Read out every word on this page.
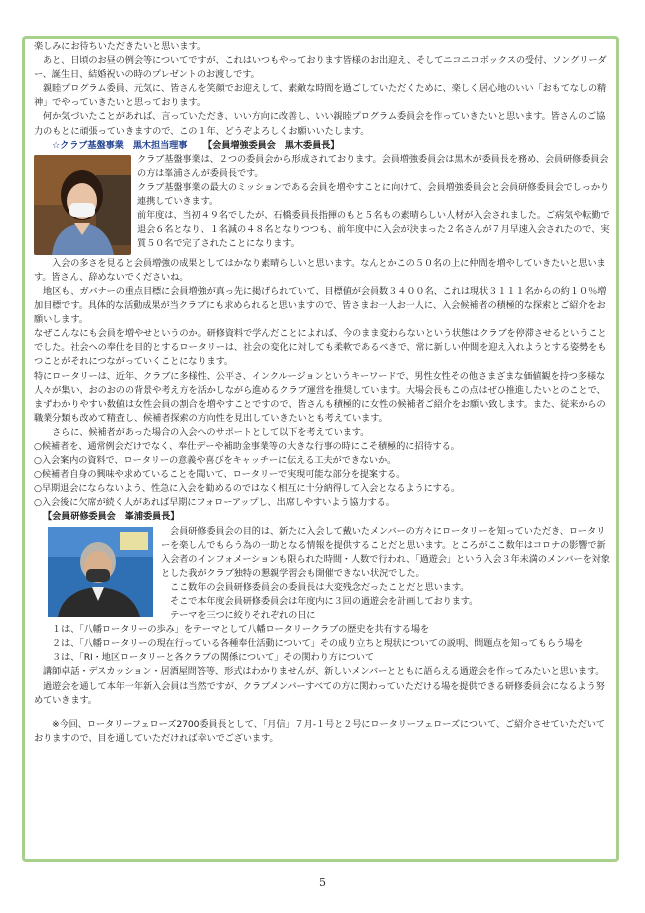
楽しみにお待ちいただきたいと思います。

あと、日頃のお昼の例会等についてですが、これはいつもやっております皆様のお出迎え、そしてニコニコボックスの受付、ソングリーダー、誕生日、結婚祝いの時のプレゼントのお渡しです。

親睦プログラム委員、元気に、皆さんを笑顔でお迎えして、素敵な時間を過ごしていただくために、楽しく居心地のいい「おもてなしの精神」でやっていきたいと思っております。

何か気づいたことがあれば、言っていただき、いい方向に改善し、いい親睦プログラム委員会を作っていきたいと思います。皆さんのご協力のもとに頑張っていきますので、この１年、どうぞよろしくお願いいたします。

☆クラブ基盤事業　黒木担当理事 【会員増強委員会　黒木委員長】

クラブ基盤事業は、２つの委員会から形成されております。会員増強委員会は黒木が委員長を務め、会員研修委員会の方は峯浦さんが委員長です。

クラブ基盤事業の最大のミッションである会員を増やすことに向けて、会員増強委員会と会員研修委員会でしっかり連携していきます。

前年度は、当初４９名でしたが、石橋委員長指揮のもと５名もの素晴らしい人材が入会されました。ご病気や転勤で退会６名となり、１名減の４８名となりつつも、前年度中に入会が決まった２名さんが７月早速入会されたので、実質５０名で完了されたことになります。

入会の多さを見ると会員増強の成果としてはかなり素晴らしいと思います。なんとかこの５０名の上に仲間を増やしていきたいと思います。皆さん、辞めないでくださいね。

地区も、ガバナーの重点目標に会員増強が真っ先に掲げられていて、目標値が会員数３４００名、これは現状３１１１名からの約１０％増加目標です。具体的な活動成果が当クラブにも求められると思いますので、皆さまお一人お一人に、入会候補者の積極的な探索とご紹介をお願いします。

なぜこんなにも会員を増やせというのか。研修資料で学んだことによれば、今のまま変わらないという状態はクラブを停滞させるということでした。社会への奉仕を目的とするロータリーは、社会の変化に対しても柔軟であるべきで、常に新しい仲間を迎え入れようとする姿勢をもつことがそれにつながっていくことになります。

特にロータリーは、近年、クラブに多様性、公平さ、インクルージョンというキーワードで、男性女性その他さまざまな価値観を持つ多様な人々が集い、おのおのの背景や考え方を活かしながら進めるクラブ運営を推奨しています。大場会長もこの点はぜひ推進したいとのことで、まずわかりやすい数値は女性会員の割合を増やすことですので、皆さんも積極的に女性の候補者ご紹介をお願い致します。また、従来からの職業分類も改めて精査し、候補者探索の方向性を見出していきたいとも考えています。

さらに、候補者があった場合の入会へのサポートとして以下を考えています。

○候補者を、通常例会だけでなく、奉仕デーや補助金事業等の大きな行事の時にこそ積極的に招待する。

○入会案内の資料で、ロータリーの意義や喜びをキャッチーに伝える工夫ができないか。

○候補者自身の興味や求めていることを聞いて、ロータリーで実現可能な部分を提案する。

○早期退会にならないよう、性急に入会を勧めるのではなく相互に十分納得して入会となるようにする。

○入会後に欠席が続く人があれば早期にフォローアップし、出席しやすいよう協力する。

【会員研修委員会　峯浦委員長】

会員研修委員会の目的は、新たに入会して戴いたメンバーの方々にロータリーを知っていただき、ロータリーを楽しんでもらう為の一助となる情報を提供することだと思います。ところがここ数年はコロナの影響で新入会者のインフォメーションも限られた時間・人数で行われ、「過遊会」という入会３年未満のメンバーを対象とした我がクラブ独特の懇親学習会も開催できない状況でした。

ここ数年の会員研修委員会の委員長は大変残念だったことだと思います。

そこで本年度会員研修委員会は年度内に３回の過遊会を計画しております。

テーマを三つに絞りそれぞれの日に

１は、「八幡ロータリーの歩み」をテーマとして八幡ロータリークラブの歴史を共有する場を

２は、「八幡ロータリーの現在行っている各種奉仕活動について」その成り立ちと現状についての説明、問題点を知ってもらう場を

３は、「RI・地区ロータリーと各クラブの関係について」その関わり方について

講師卓話・デスカッション・居酒屋問答等、形式はわかりませんが、新しいメンバーとともに語らえる過遊会を作ってみたいと思います。

過遊会を通して本年一年新入会員は当然ですが、クラブメンバーすべての方に関わっていただける場を提供できる研修委員会になるよう努めていきます。

※今回、ロータリーフェローズ2700委員長として、「月信」７月-１号と２号にロータリーフェローズについて、ご紹介させていただいておりますので、目を通していただければ幸いでございます。

5
